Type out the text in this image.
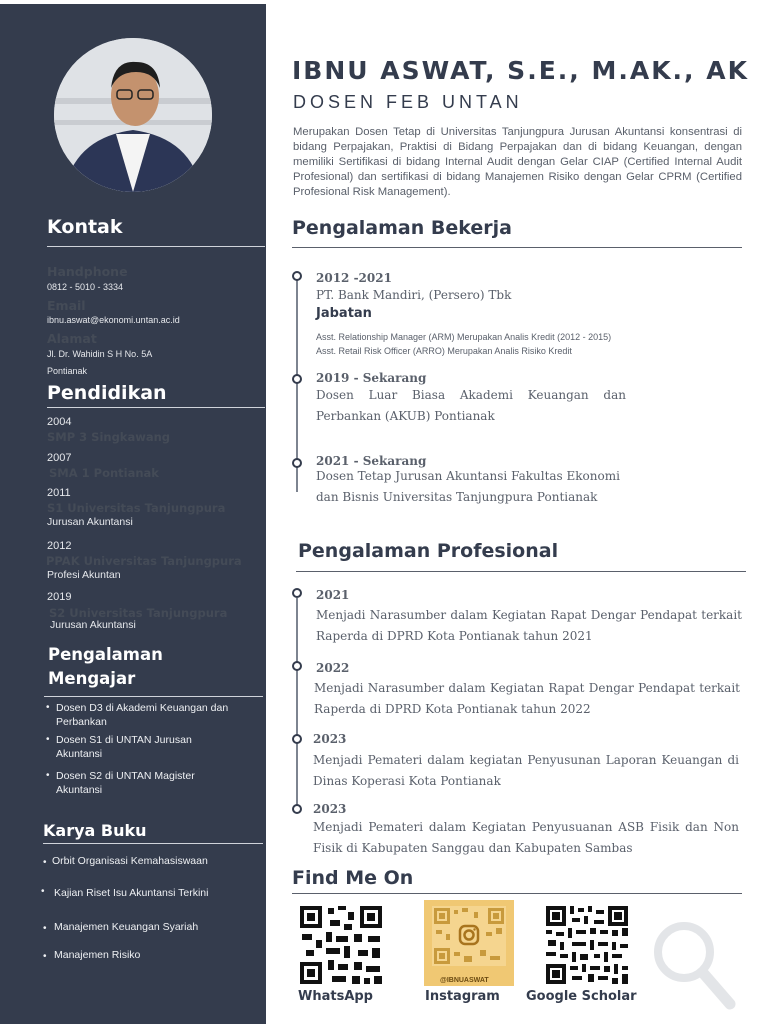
Kontak
Handphone
0812 - 5010 - 3334
Email
ibnu.aswat@ekonomi.untan.ac.id
Alamat
Jl. Dr. Wahidin S H No. 5A
Pontianak
Pendidikan
2004
SMP 3 Singkawang
2007
SMA 1 Pontianak
2011
S1 Universitas Tanjungpura
Jurusan Akuntansi
2012
PPAK Universitas Tanjungpura
Profesi Akuntan
2019
S2 Universitas Tanjungpura
Jurusan Akuntansi
Pengalaman
Mengajar
• Dosen D3 di Akademi Keuangan dan
Perbankan
• Dosen S1 di UNTAN Jurusan
Akuntansi
• Dosen S2 di UNTAN Magister
Akuntansi
Karya Buku
• Orbit Organisasi Kemahasiswaan
• Kajian Riset Isu Akuntansi Terkini
• Manajemen Keuangan Syariah
• Manajemen Risiko
IBNU ASWAT, S.E., M.AK., AK
DOSEN FEB UNTAN
Merupakan Dosen Tetap di Universitas Tanjungpura Jurusan Akuntansi konsentrasi di bidang Perpajakan, Praktisi di Bidang Perpajakan dan di bidang Keuangan, dengan memiliki Sertifikasi di bidang Internal Audit dengan Gelar CIAP (Certified Internal Audit Profesional) dan sertifikasi di bidang Manajemen Risiko dengan Gelar CPRM (Certified Profesional Risk Management).
Pengalaman Bekerja
2012 -2021
PT. Bank Mandiri, (Persero) Tbk
Jabatan
Asst. Relationship Manager (ARM) Merupakan Analis Kredit (2012 - 2015)
Asst. Retail Risk Officer (ARRO) Merupakan Analis Risiko Kredit
2019 - Sekarang
Dosen Luar Biasa Akademi Keuangan dan Perbankan (AKUB) Pontianak
2021 - Sekarang
Dosen Tetap Jurusan Akuntansi Fakultas Ekonomi dan Bisnis Universitas Tanjungpura Pontianak
Pengalaman Profesional
2021
Menjadi Narasumber dalam Kegiatan Rapat Dengar Pendapat terkait Raperda di DPRD Kota Pontianak tahun 2021
2022
Menjadi Narasumber dalam Kegiatan Rapat Dengar Pendapat terkait Raperda di DPRD Kota Pontianak tahun 2022
2023
Menjadi Pemateri dalam kegiatan Penyusunan Laporan Keuangan di Dinas Koperasi Kota Pontianak
2023
Menjadi Pemateri dalam Kegiatan Penyusuanan ASB Fisik dan Non Fisik di Kabupaten Sanggau dan Kabupaten Sambas
Find Me On
WhatsApp
@IBNUASWAT
Instagram Google Scholar
